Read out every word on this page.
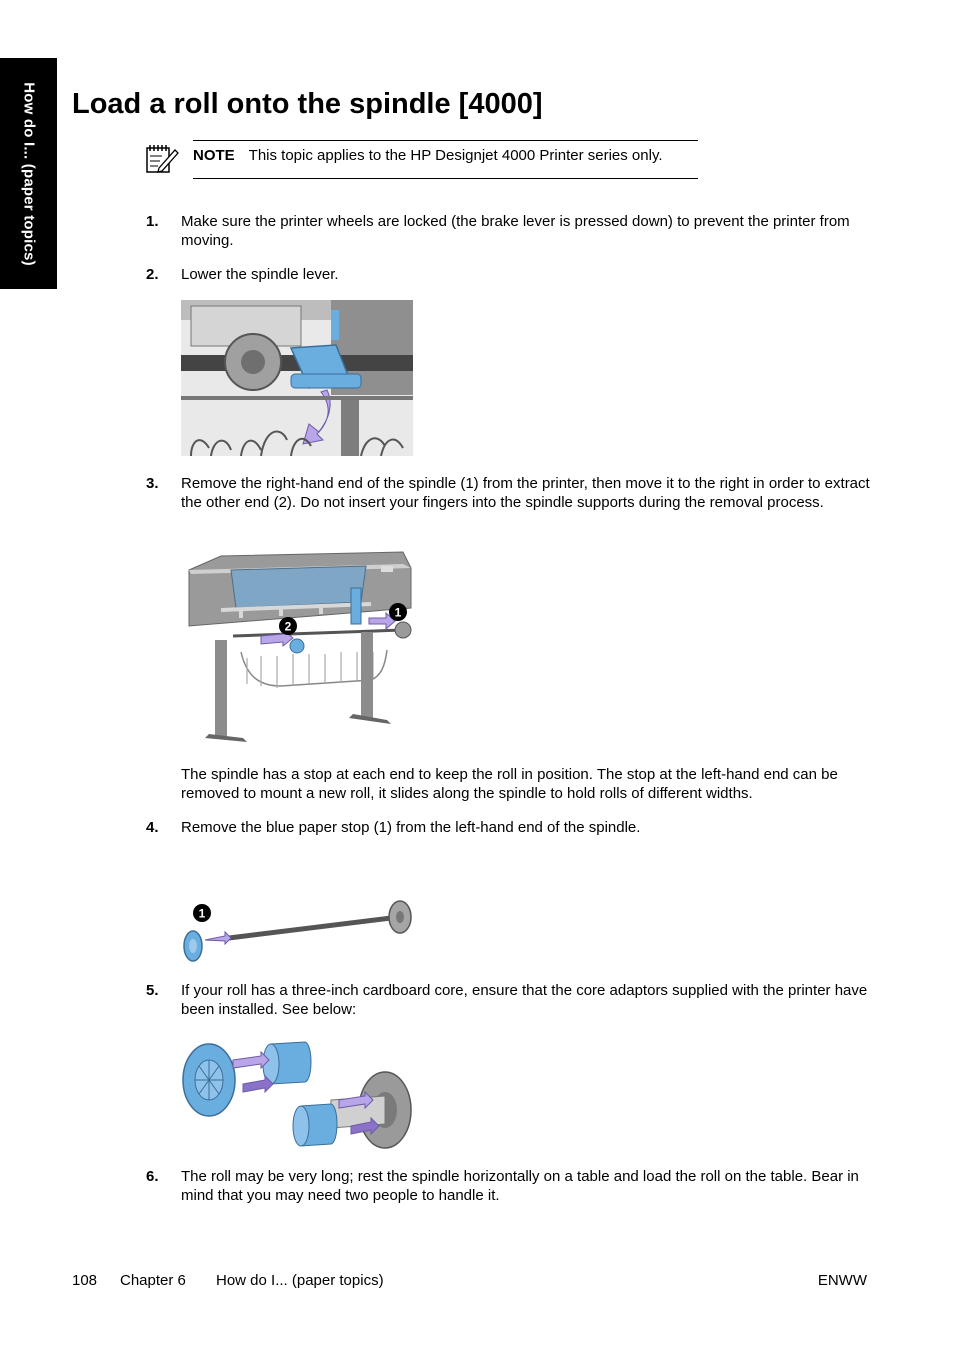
How do I... (paper topics) Load a roll onto the spindle [4000]
NOTE This topic applies to the HP Designjet 4000 Printer series only.
1. Make sure the printer wheels are locked (the brake lever is pressed down) to prevent the printer from moving.
2. Lower the spindle lever.
3. Remove the right-hand end of the spindle (1) from the printer, then move it to the right in order to extract the other end (2). Do not insert your fingers into the spindle supports during the removal process.
1
2
The spindle has a stop at each end to keep the roll in position. The stop at the left-hand end can be removed to mount a new roll, it slides along the spindle to hold rolls of different widths.
4. Remove the blue paper stop (1) from the left-hand end of the spindle.
1
5. If your roll has a three-inch cardboard core, ensure that the core adaptors supplied with the printer have been installed. See below:
6. The roll may be very long; rest the spindle horizontally on a table and load the roll on the table. Bear in mind that you may need two people to handle it.
108 Chapter 6 How do I... (paper topics)	ENWW
